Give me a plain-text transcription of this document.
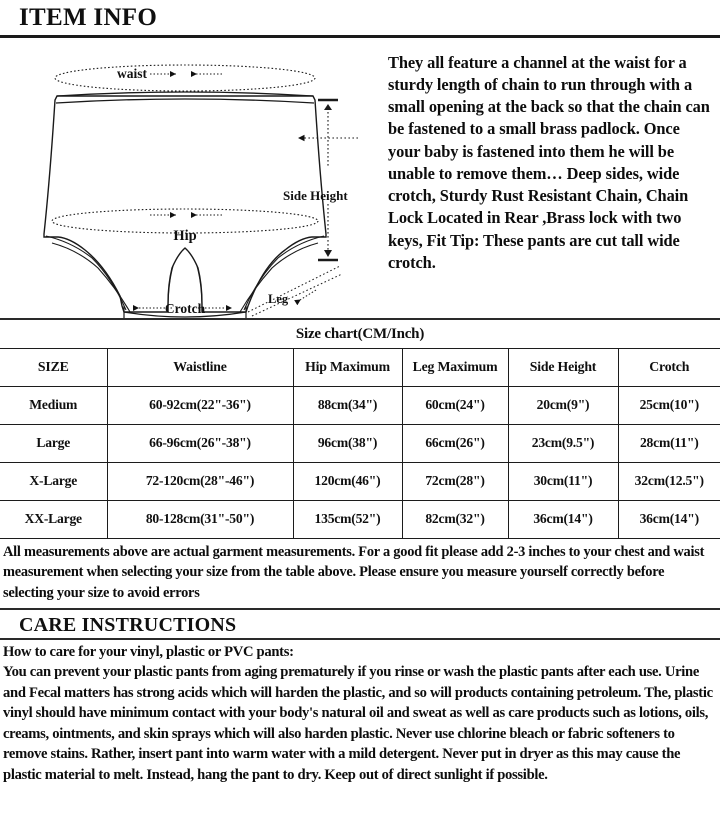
ITEM INFO
waist
Hip
Side Height
Leg
Crotch

They all feature a channel at the waist for a sturdy length of chain to run through with a small opening at the back so that the chain can be fastened to a small brass padlock. Once your baby is fastened into them he will be unable to remove them… Deep sides, wide crotch, Sturdy Rust Resistant Chain, Chain Lock Located in Rear ,Brass lock with two keys, Fit Tip: These pants are cut tall wide crotch.

Size chart(CM/Inch)
SIZE	Waistline	Hip Maximum	Leg Maximum	Side Height	Crotch
Medium	60-92cm(22"-36")	88cm(34")	60cm(24")	20cm(9")	25cm(10")
Large	66-96cm(26"-38")	96cm(38")	66cm(26")	23cm(9.5")	28cm(11")
X-Large	72-120cm(28"-46")	120cm(46")	72cm(28")	30cm(11")	32cm(12.5")
XX-Large	80-128cm(31"-50")	135cm(52")	82cm(32")	36cm(14")	36cm(14")

All measurements above are actual garment measurements. For a good fit please add 2-3 inches to your chest and waist measurement when selecting your size from the table above. Please ensure you measure yourself correctly before selecting your size to avoid errors

CARE INSTRUCTIONS

How to care for your vinyl, plastic or PVC pants:

You can prevent your plastic pants from aging prematurely if you rinse or wash the plastic pants after each use. Urine and Fecal matters has strong acids which will harden the plastic, and so will products containing petroleum. The, plastic vinyl should have minimum contact with your body's natural oil and sweat as well as care products such as lotions, oils, creams, ointments, and skin sprays which will also harden plastic. Never use chlorine bleach or fabric softeners to remove stains. Rather, insert pant into warm water with a mild detergent. Never put in dryer as this may cause the plastic material to melt. Instead, hang the pant to dry. Keep out of direct sunlight if possible.
